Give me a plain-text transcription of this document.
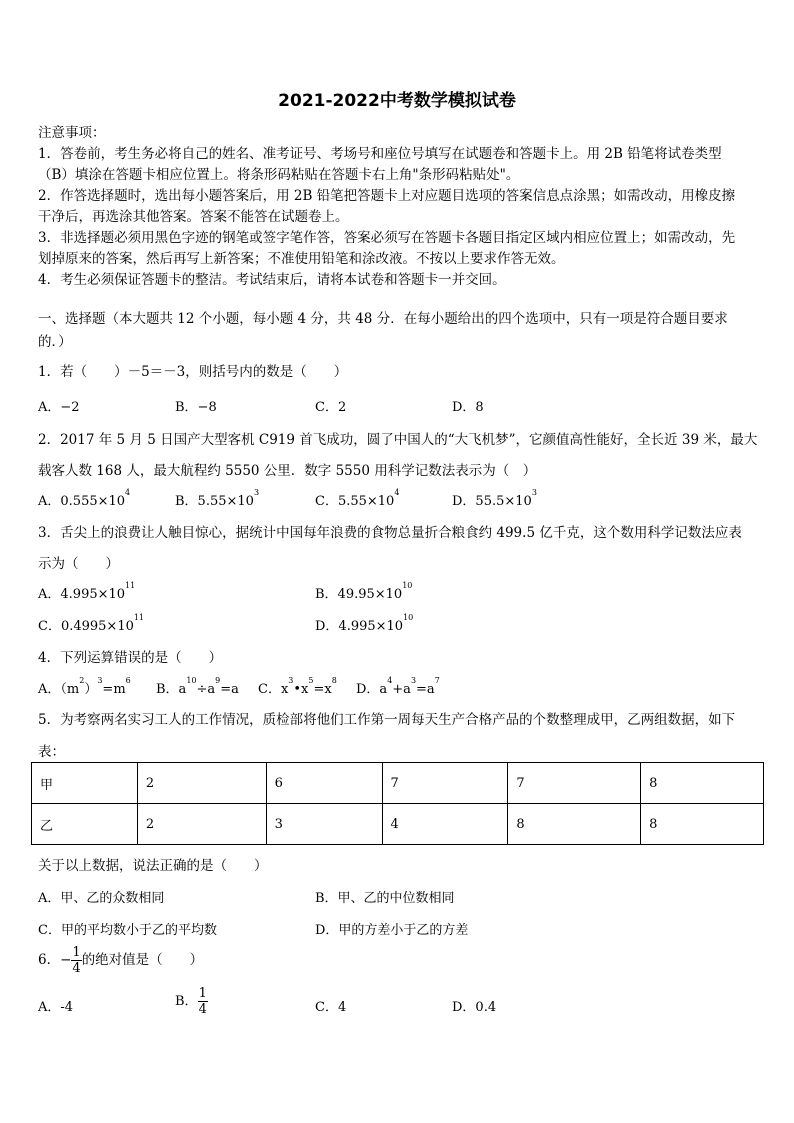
2021-2022中考数学模拟试卷
注意事项：
1．答卷前，考生务必将自己的姓名、准考证号、考场号和座位号填写在试题卷和答题卡上。用 2B 铅笔将试卷类型
（B）填涂在答题卡相应位置上。将条形码粘贴在答题卡右上角"条形码粘贴处"。
2．作答选择题时，选出每小题答案后，用 2B 铅笔把答题卡上对应题目选项的答案信息点涂黑；如需改动，用橡皮擦
干净后，再选涂其他答案。答案不能答在试题卷上。
3．非选择题必须用黑色字迹的钢笔或签字笔作答，答案必须写在答题卡各题目指定区域内相应位置上；如需改动，先
划掉原来的答案，然后再写上新答案；不准使用铅笔和涂改液。不按以上要求作答无效。
4．考生必须保证答题卡的整洁。考试结束后，请将本试卷和答题卡一并交回。
一、选择题（本大题共 12 个小题，每小题 4 分，共 48 分．在每小题给出的四个选项中，只有一项是符合题目要求
的．）
1．若（　　）－5＝－3，则括号内的数是（　　）
A．−2	B．−8	C．2	D．8
2．2017 年 5 月 5 日国产大型客机 C919 首飞成功，圆了中国人的“大飞机梦”，它颜值高性能好，全长近 39 米，最大
载客人数 168 人，最大航程约 5550 公里．数字 5550 用科学记数法表示为（　）
A．$0.555\times 10^4$
B．$5.55\times 10^3$
C．$5.55\times 10^4$
D．$55.5\times 10^3$
3．舌尖上的浪费让人触目惊心，据统计中国每年浪费的食物总量折合粮食约 499.5 亿千克，这个数用科学记数法应表
示为（　　）
A．$4.995\times 10^{11}$
B．$49.95\times 10^{10}$
C．$0.4995\times 10^{11}$
D．$4.995\times 10^{10}$
4．下列运算错误的是（　　）
A．$(m^2)^3=m^6$
B．$a^{10}\div a^9=a$ C．$x^3•x^5=x^8$
D．$a^4+a^3=a^7$
5．为考察两名实习工人的工作情况，质检部将他们工作第一周每天生产合格产品的个数整理成甲，乙两组数据，如下
表：
甲	2	6	7	7	8
乙	2	3	4	8	8
关于以上数据，说法正确的是（　　）
A．甲、乙的众数相同	B．甲、乙的中位数相同
C．甲的平均数小于乙的平均数	D．甲的方差小于乙的方差
6．− $\frac{1}{4}$ 的绝对值是（　　）
A．-4	B． $\frac{1}{4}$	C．4	D．0.4
